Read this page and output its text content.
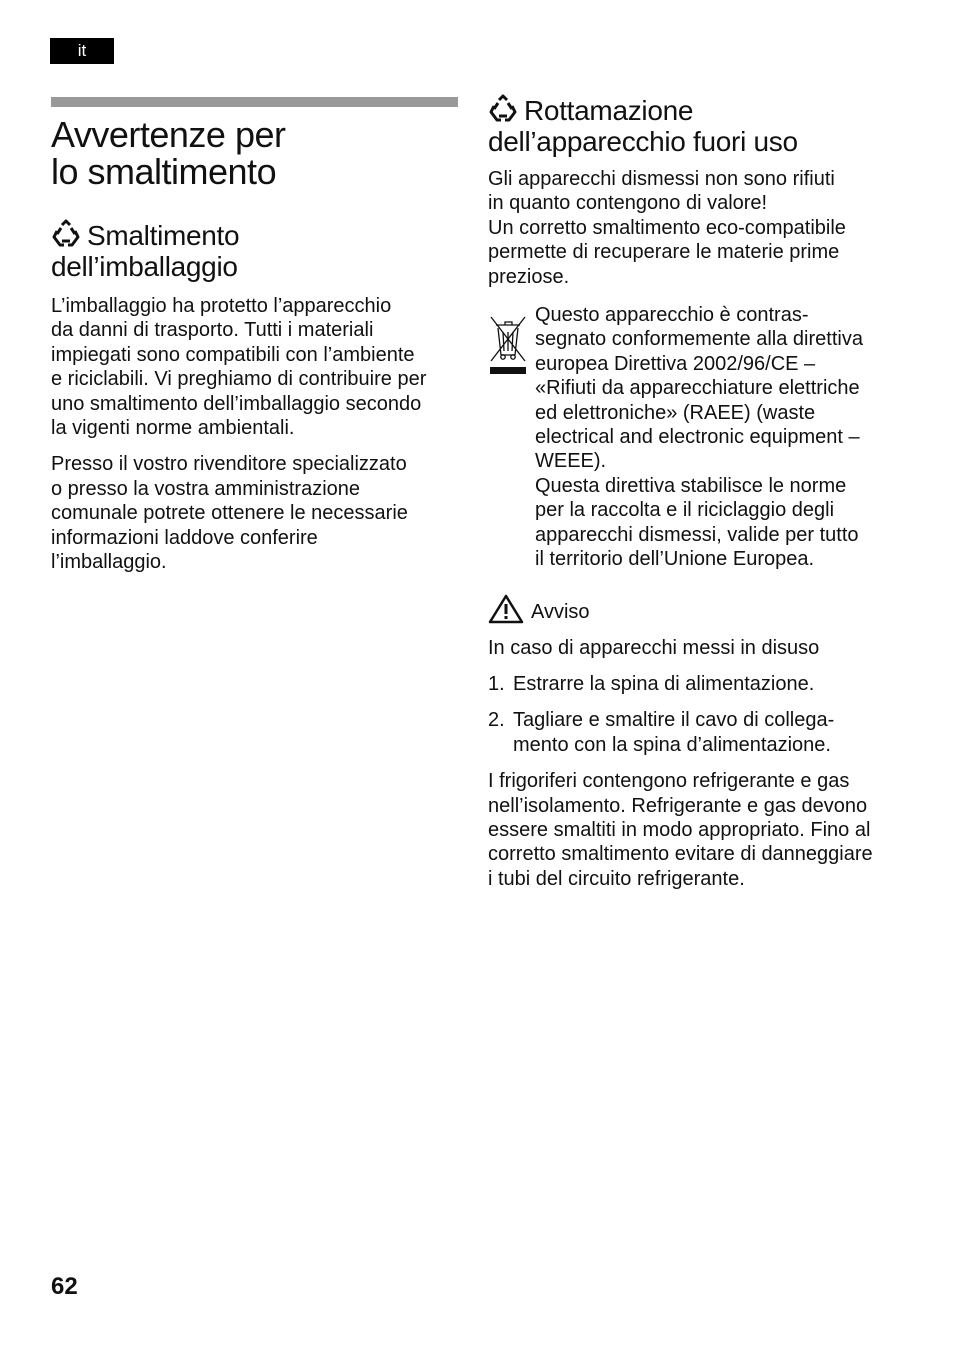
it
Avvertenze per
lo smaltimento
Smaltimento
dell’imballaggio

L’imballaggio ha protetto l’apparecchio
da danni di trasporto. Tutti i materiali
impiegati sono compatibili con l’ambiente
e riciclabili. Vi preghiamo di contribuire per
uno smaltimento dell’imballaggio secondo
la vigenti norme ambientali.

Presso il vostro rivenditore specializzato
o presso la vostra amministrazione
comunale potrete ottenere le necessarie
informazioni laddove conferire
l’imballaggio.

Rottamazione
dell’apparecchio fuori uso

Gli apparecchi dismessi non sono rifiuti
in quanto contengono di valore!
Un corretto smaltimento eco-compatibile
permette di recuperare le materie prime
preziose.

Questo apparecchio è contras-
segnato conformemente alla direttiva
europea Direttiva 2002/96/CE –
«Rifiuti da apparecchiature elettriche
ed elettroniche» (RAEE) (waste
electrical and electronic equipment –
WEEE).
Questa direttiva stabilisce le norme
per la raccolta e il riciclaggio degli
apparecchi dismessi, valide per tutto
il territorio dell’Unione Europea.

Avviso

In caso di apparecchi messi in disuso

1. Estrarre la spina di alimentazione.
2. Tagliare e smaltire il cavo di collega-
mento con la spina d’alimentazione.

I frigoriferi contengono refrigerante e gas
nell’isolamento. Refrigerante e gas devono
essere smaltiti in modo appropriato. Fino al
corretto smaltimento evitare di danneggiare
i tubi del circuito refrigerante.

62
